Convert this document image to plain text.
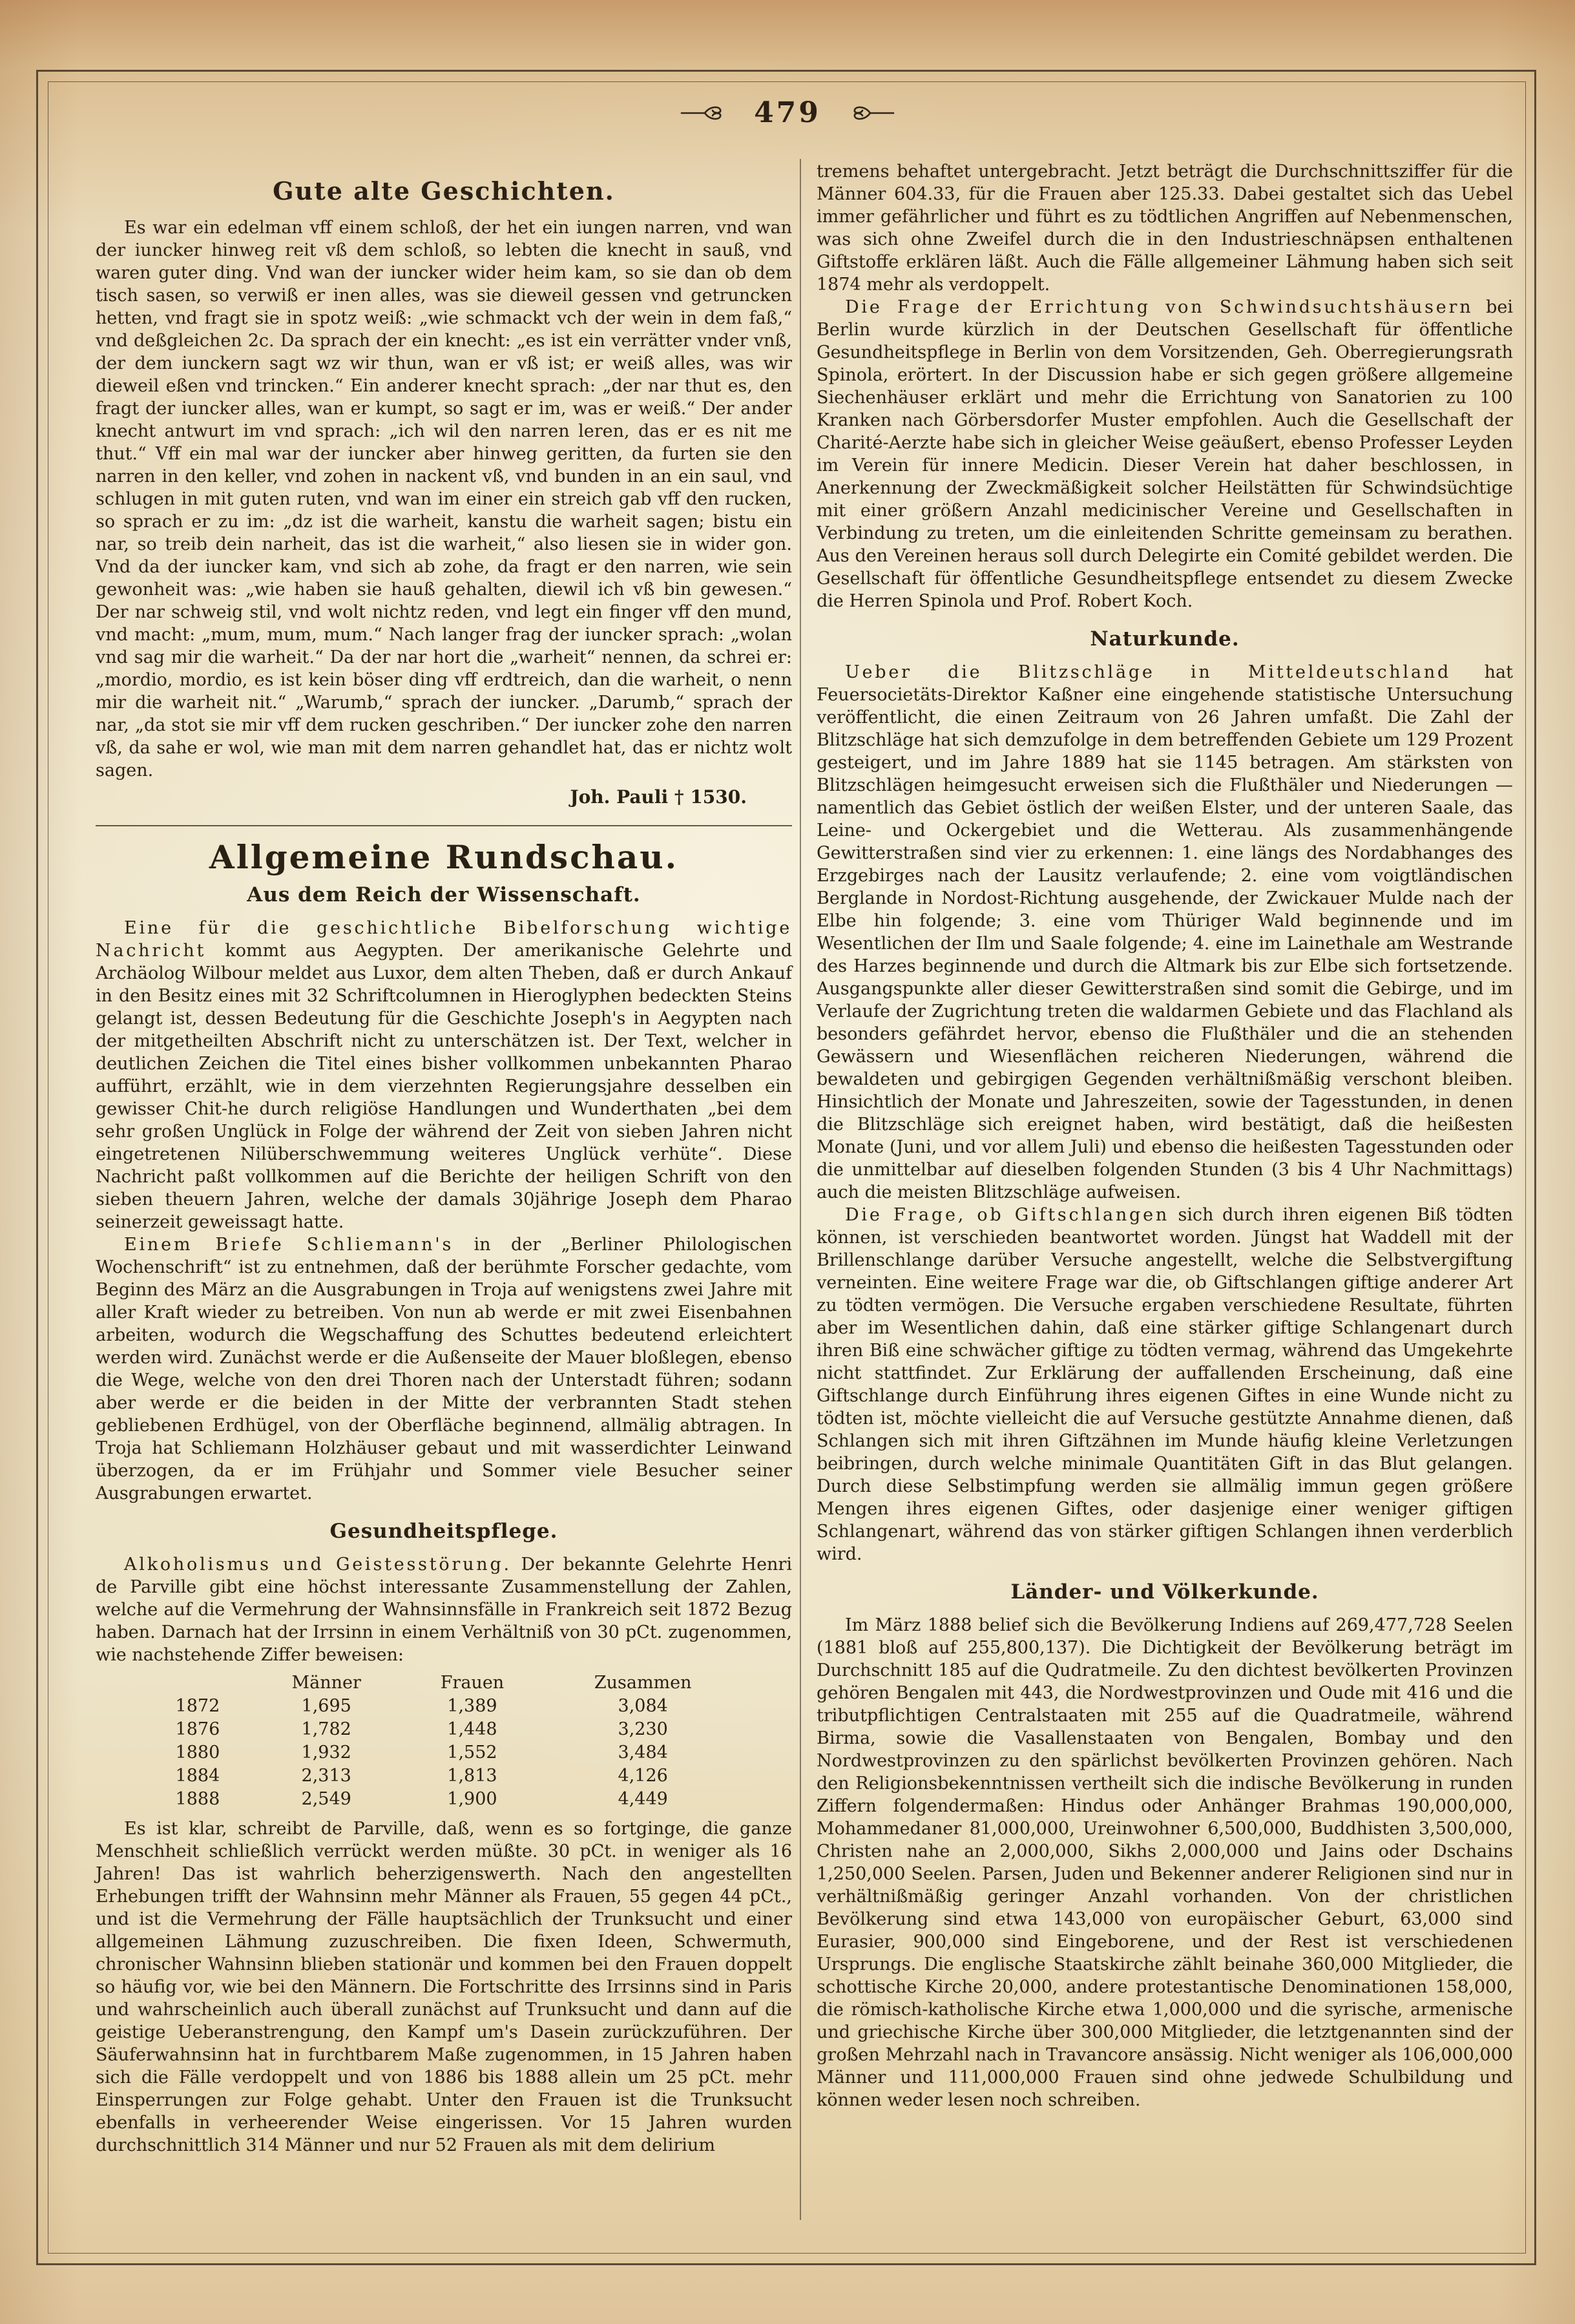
479
Gute alte Geschichten.

Es war ein edelman vff einem schloß, der het ein iungen narren, vnd wan der iuncker hinweg reit vß dem schloß, so lebten die knecht in sauß, vnd waren guter ding. Vnd wan der iuncker wider heim kam, so sie dan ob dem tisch sasen, so verwiß er inen alles, was sie dieweil gessen vnd getruncken hetten, vnd fragt sie in spotz weiß: „wie schmackt vch der wein in dem faß,“ vnd deßgleichen 2c. Da sprach der ein knecht: „es ist ein verrätter vnder vnß, der dem iunckern sagt wz wir thun, wan er vß ist; er weiß alles, was wir dieweil eßen vnd trincken.“ Ein anderer knecht sprach: „der nar thut es, den fragt der iuncker alles, wan er kumpt, so sagt er im, was er weiß.“ Der ander knecht antwurt im vnd sprach: „ich wil den narren leren, das er es nit me thut.“ Vff ein mal war der iuncker aber hinweg geritten, da furten sie den narren in den keller, vnd zohen in nackent vß, vnd bunden in an ein saul, vnd schlugen in mit guten ruten, vnd wan im einer ein streich gab vff den rucken, so sprach er zu im: „dz ist die warheit, kanstu die warheit sagen; bistu ein nar, so treib dein narheit, das ist die warheit,“ also liesen sie in wider gon. Vnd da der iuncker kam, vnd sich ab zohe, da fragt er den narren, wie sein gewonheit was: „wie haben sie hauß gehalten, diewil ich vß bin gewesen.“ Der nar schweig stil, vnd wolt nichtz reden, vnd legt ein finger vff den mund, vnd macht: „mum, mum, mum.“ Nach langer frag der iuncker sprach: „wolan vnd sag mir die warheit.“ Da der nar hort die „warheit“ nennen, da schrei er: „mordio, mordio, es ist kein böser ding vff erdtreich, dan die warheit, o nenn mir die warheit nit.“ „Warumb,“ sprach der iuncker. „Darumb,“ sprach der nar, „da stot sie mir vff dem rucken geschriben.“ Der iuncker zohe den narren vß, da sahe er wol, wie man mit dem narren gehandlet hat, das er nichtz wolt sagen.

Joh. Pauli † 1530.
Allgemeine Rundschau.
Aus dem Reich der Wissenschaft.

Eine für die geschichtliche Bibelforschung wichtige Nachricht kommt aus Aegypten. Der amerikanische Gelehrte und Archäolog Wilbour meldet aus Luxor, dem alten Theben, daß er durch Ankauf in den Besitz eines mit 32 Schriftcolumnen in Hieroglyphen bedeckten Steins gelangt ist, dessen Bedeutung für die Geschichte Joseph's in Aegypten nach der mitgetheilten Abschrift nicht zu unterschätzen ist. Der Text, welcher in deutlichen Zeichen die Titel eines bisher vollkommen unbekannten Pharao aufführt, erzählt, wie in dem vierzehnten Regierungsjahre desselben ein gewisser Chit-he durch religiöse Handlungen und Wunderthaten „bei dem sehr großen Unglück in Folge der während der Zeit von sieben Jahren nicht eingetretenen Nilüberschwemmung weiteres Unglück verhüte“. Diese Nachricht paßt vollkommen auf die Berichte der heiligen Schrift von den sieben theuern Jahren, welche der damals 30jährige Joseph dem Pharao seinerzeit geweissagt hatte.

Einem Briefe Schliemann's in der „Berliner Philologischen Wochenschrift“ ist zu entnehmen, daß der berühmte Forscher gedachte, vom Beginn des März an die Ausgrabungen in Troja auf wenigstens zwei Jahre mit aller Kraft wieder zu betreiben. Von nun ab werde er mit zwei Eisenbahnen arbeiten, wodurch die Wegschaffung des Schuttes bedeutend erleichtert werden wird. Zunächst werde er die Außenseite der Mauer bloßlegen, ebenso die Wege, welche von den drei Thoren nach der Unterstadt führen; sodann aber werde er die beiden in der Mitte der verbrannten Stadt stehen gebliebenen Erdhügel, von der Oberfläche beginnend, allmälig abtragen. In Troja hat Schliemann Holzhäuser gebaut und mit wasserdichter Leinwand überzogen, da er im Frühjahr und Sommer viele Besucher seiner Ausgrabungen erwartet.

Gesundheitspflege.

Alkoholismus und Geistesstörung. Der bekannte Gelehrte Henri de Parville gibt eine höchst interessante Zusammenstellung der Zahlen, welche auf die Vermehrung der Wahnsinnsfälle in Frankreich seit 1872 Bezug haben. Darnach hat der Irrsinn in einem Verhältniß von 30 pCt. zugenommen, wie nachstehende Ziffer beweisen:

	Männer	Frauen	Zusammen
1872	1,695	1,389	3,084
1876	1,782	1,448	3,230
1880	1,932	1,552	3,484
1884	2,313	1,813	4,126
1888	2,549	1,900	4,449

Es ist klar, schreibt de Parville, daß, wenn es so fortginge, die ganze Menschheit schließlich verrückt werden müßte. 30 pCt. in weniger als 16 Jahren! Das ist wahrlich beherzigenswerth. Nach den angestellten Erhebungen trifft der Wahnsinn mehr Männer als Frauen, 55 gegen 44 pCt., und ist die Vermehrung der Fälle hauptsächlich der Trunksucht und einer allgemeinen Lähmung zuzuschreiben. Die fixen Ideen, Schwermuth, chronischer Wahnsinn blieben stationär und kommen bei den Frauen doppelt so häufig vor, wie bei den Männern. Die Fortschritte des Irrsinns sind in Paris und wahrscheinlich auch überall zunächst auf Trunksucht und dann auf die geistige Ueberanstrengung, den Kampf um's Dasein zurückzuführen. Der Säuferwahnsinn hat in furchtbarem Maße zugenommen, in 15 Jahren haben sich die Fälle verdoppelt und von 1886 bis 1888 allein um 25 pCt. mehr Einsperrungen zur Folge gehabt. Unter den Frauen ist die Trunksucht ebenfalls in verheerender Weise eingerissen. Vor 15 Jahren wurden durchschnittlich 314 Männer und nur 52 Frauen als mit dem delirium

tremens behaftet untergebracht. Jetzt beträgt die Durchschnittsziffer für die Männer 604.33, für die Frauen aber 125.33. Dabei gestaltet sich das Uebel immer gefährlicher und führt es zu tödtlichen Angriffen auf Nebenmenschen, was sich ohne Zweifel durch die in den Industrieschnäpsen enthaltenen Giftstoffe erklären läßt. Auch die Fälle allgemeiner Lähmung haben sich seit 1874 mehr als verdoppelt.

Die Frage der Errichtung von Schwindsuchtshäusern bei Berlin wurde kürzlich in der Deutschen Gesellschaft für öffentliche Gesundheitspflege in Berlin von dem Vorsitzenden, Geh. Oberregierungsrath Spinola, erörtert. In der Discussion habe er sich gegen größere allgemeine Siechenhäuser erklärt und mehr die Errichtung von Sanatorien zu 100 Kranken nach Görbersdorfer Muster empfohlen. Auch die Gesellschaft der Charité-Aerzte habe sich in gleicher Weise geäußert, ebenso Professer Leyden im Verein für innere Medicin. Dieser Verein hat daher beschlossen, in Anerkennung der Zweckmäßigkeit solcher Heilstätten für Schwindsüchtige mit einer größern Anzahl medicinischer Vereine und Gesellschaften in Verbindung zu treten, um die einleitenden Schritte gemeinsam zu berathen. Aus den Vereinen heraus soll durch Delegirte ein Comité gebildet werden. Die Gesellschaft für öffentliche Gesundheitspflege entsendet zu diesem Zwecke die Herren Spinola und Prof. Robert Koch.

Naturkunde.

Ueber die Blitzschläge in Mitteldeutschland hat Feuersocietäts-Direktor Kaßner eine eingehende statistische Untersuchung veröffentlicht, die einen Zeitraum von 26 Jahren umfaßt. Die Zahl der Blitzschläge hat sich demzufolge in dem betreffenden Gebiete um 129 Prozent gesteigert, und im Jahre 1889 hat sie 1145 betragen. Am stärksten von Blitzschlägen heimgesucht erweisen sich die Flußthäler und Niederungen — namentlich das Gebiet östlich der weißen Elster, und der unteren Saale, das Leine- und Ockergebiet und die Wetterau. Als zusammenhängende Gewitterstraßen sind vier zu erkennen: 1. eine längs des Nordabhanges des Erzgebirges nach der Lausitz verlaufende; 2. eine vom voigtländischen Berglande in Nordost-Richtung ausgehende, der Zwickauer Mulde nach der Elbe hin folgende; 3. eine vom Thüriger Wald beginnende und im Wesentlichen der Ilm und Saale folgende; 4. eine im Lainethale am Westrande des Harzes beginnende und durch die Altmark bis zur Elbe sich fortsetzende. Ausgangspunkte aller dieser Gewitterstraßen sind somit die Gebirge, und im Verlaufe der Zugrichtung treten die waldarmen Gebiete und das Flachland als besonders gefährdet hervor, ebenso die Flußthäler und die an stehenden Gewässern und Wiesenflächen reicheren Niederungen, während die bewaldeten und gebirgigen Gegenden verhältnißmäßig verschont bleiben. Hinsichtlich der Monate und Jahreszeiten, sowie der Tagesstunden, in denen die Blitzschläge sich ereignet haben, wird bestätigt, daß die heißesten Monate (Juni, und vor allem Juli) und ebenso die heißesten Tagesstunden oder die unmittelbar auf dieselben folgenden Stunden (3 bis 4 Uhr Nachmittags) auch die meisten Blitzschläge aufweisen.

Die Frage, ob Giftschlangen sich durch ihren eigenen Biß tödten können, ist verschieden beantwortet worden. Jüngst hat Waddell mit der Brillenschlange darüber Versuche angestellt, welche die Selbstvergiftung verneinten. Eine weitere Frage war die, ob Giftschlangen giftige anderer Art zu tödten vermögen. Die Versuche ergaben verschiedene Resultate, führten aber im Wesentlichen dahin, daß eine stärker giftige Schlangenart durch ihren Biß eine schwächer giftige zu tödten vermag, während das Umgekehrte nicht stattfindet. Zur Erklärung der auffallenden Erscheinung, daß eine Giftschlange durch Einführung ihres eigenen Giftes in eine Wunde nicht zu tödten ist, möchte vielleicht die auf Versuche gestützte Annahme dienen, daß Schlangen sich mit ihren Giftzähnen im Munde häufig kleine Verletzungen beibringen, durch welche minimale Quantitäten Gift in das Blut gelangen. Durch diese Selbstimpfung werden sie allmälig immun gegen größere Mengen ihres eigenen Giftes, oder dasjenige einer weniger giftigen Schlangenart, während das von stärker giftigen Schlangen ihnen verderblich wird.

Länder- und Völkerkunde.

Im März 1888 belief sich die Bevölkerung Indiens auf 269,477,728 Seelen (1881 bloß auf 255,800,137). Die Dichtigkeit der Bevölkerung beträgt im Durchschnitt 185 auf die Qudratmeile. Zu den dichtest bevölkerten Provinzen gehören Bengalen mit 443, die Nordwestprovinzen und Oude mit 416 und die tributpflichtigen Centralstaaten mit 255 auf die Quadratmeile, während Birma, sowie die Vasallenstaaten von Bengalen, Bombay und den Nordwestprovinzen zu den spärlichst bevölkerten Provinzen gehören. Nach den Religionsbekenntnissen vertheilt sich die indische Bevölkerung in runden Ziffern folgendermaßen: Hindus oder Anhänger Brahmas 190,000,000, Mohammedaner 81,000,000, Ureinwohner 6,500,000, Buddhisten 3,500,000, Christen nahe an 2,000,000, Sikhs 2,000,000 und Jains oder Dschains 1,250,000 Seelen. Parsen, Juden und Bekenner anderer Religionen sind nur in verhältnißmäßig geringer Anzahl vorhanden. Von der christlichen Bevölkerung sind etwa 143,000 von europäischer Geburt, 63,000 sind Eurasier, 900,000 sind Eingeborene, und der Rest ist verschiedenen Ursprungs. Die englische Staatskirche zählt beinahe 360,000 Mitglieder, die schottische Kirche 20,000, andere protestantische Denominationen 158,000, die römisch-katholische Kirche etwa 1,000,000 und die syrische, armenische und griechische Kirche über 300,000 Mitglieder, die letztgenannten sind der großen Mehrzahl nach in Travancore ansässig. Nicht weniger als 106,000,000 Männer und 111,000,000 Frauen sind ohne jedwede Schulbildung und können weder lesen noch schreiben.
